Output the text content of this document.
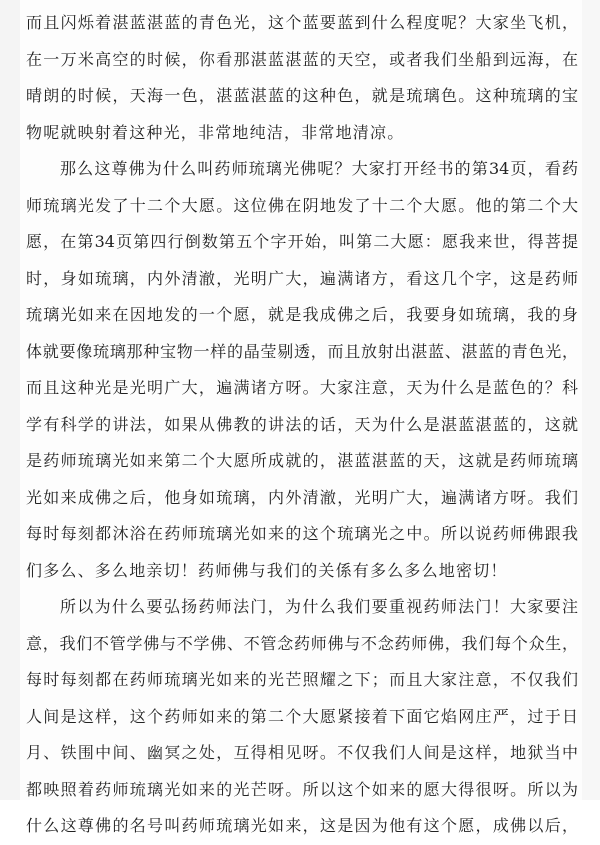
而且闪烁着湛蓝湛蓝的青色光，这个蓝要蓝到什么程度呢？大家坐飞机，
在一万米高空的时候，你看那湛蓝湛蓝的天空，或者我们坐船到远海，在
晴朗的时候，天海一色，湛蓝湛蓝的这种色，就是琉璃色。这种琉璃的宝
物呢就映射着这种光，非常地纯洁，非常地清凉。
那么这尊佛为什么叫药师琉璃光佛呢？大家打开经书的第34页，看药
师琉璃光发了十二个大愿。这位佛在阴地发了十二个大愿。他的第二个大
愿，在第34页第四行倒数第五个字开始，叫第二大愿：愿我来世，得菩提
时，身如琉璃，内外清澈，光明广大，遍满诸方，看这几个字，这是药师
琉璃光如来在因地发的一个愿，就是我成佛之后，我要身如琉璃，我的身
体就要像琉璃那种宝物一样的晶莹剔透，而且放射出湛蓝、湛蓝的青色光，
而且这种光是光明广大，遍满诸方呀。大家注意，天为什么是蓝色的？科
学有科学的讲法，如果从佛教的讲法的话，天为什么是湛蓝湛蓝的，这就
是药师琉璃光如来第二个大愿所成就的，湛蓝湛蓝的天，这就是药师琉璃
光如来成佛之后，他身如琉璃，内外清澈，光明广大，遍满诸方呀。我们
每时每刻都沐浴在药师琉璃光如来的这个琉璃光之中。所以说药师佛跟我
们多么、多么地亲切！药师佛与我们的关係有多么多么地密切！
所以为什么要弘扬药师法门，为什么我们要重视药师法门！大家要注
意，我们不管学佛与不学佛、不管念药师佛与不念药师佛，我们每个众生，
每时每刻都在药师琉璃光如来的光芒照耀之下；而且大家注意，不仅我们
人间是这样，这个药师如来的第二个大愿紧接着下面它焰网庄严，过于日
月、铁围中间、幽冥之处，互得相见呀。不仅我们人间是这样，地狱当中
都映照着药师琉璃光如来的光芒呀。所以这个如来的愿大得很呀。所以为
什么这尊佛的名号叫药师琉璃光如来，这是因为他有这个愿，成佛以后，
